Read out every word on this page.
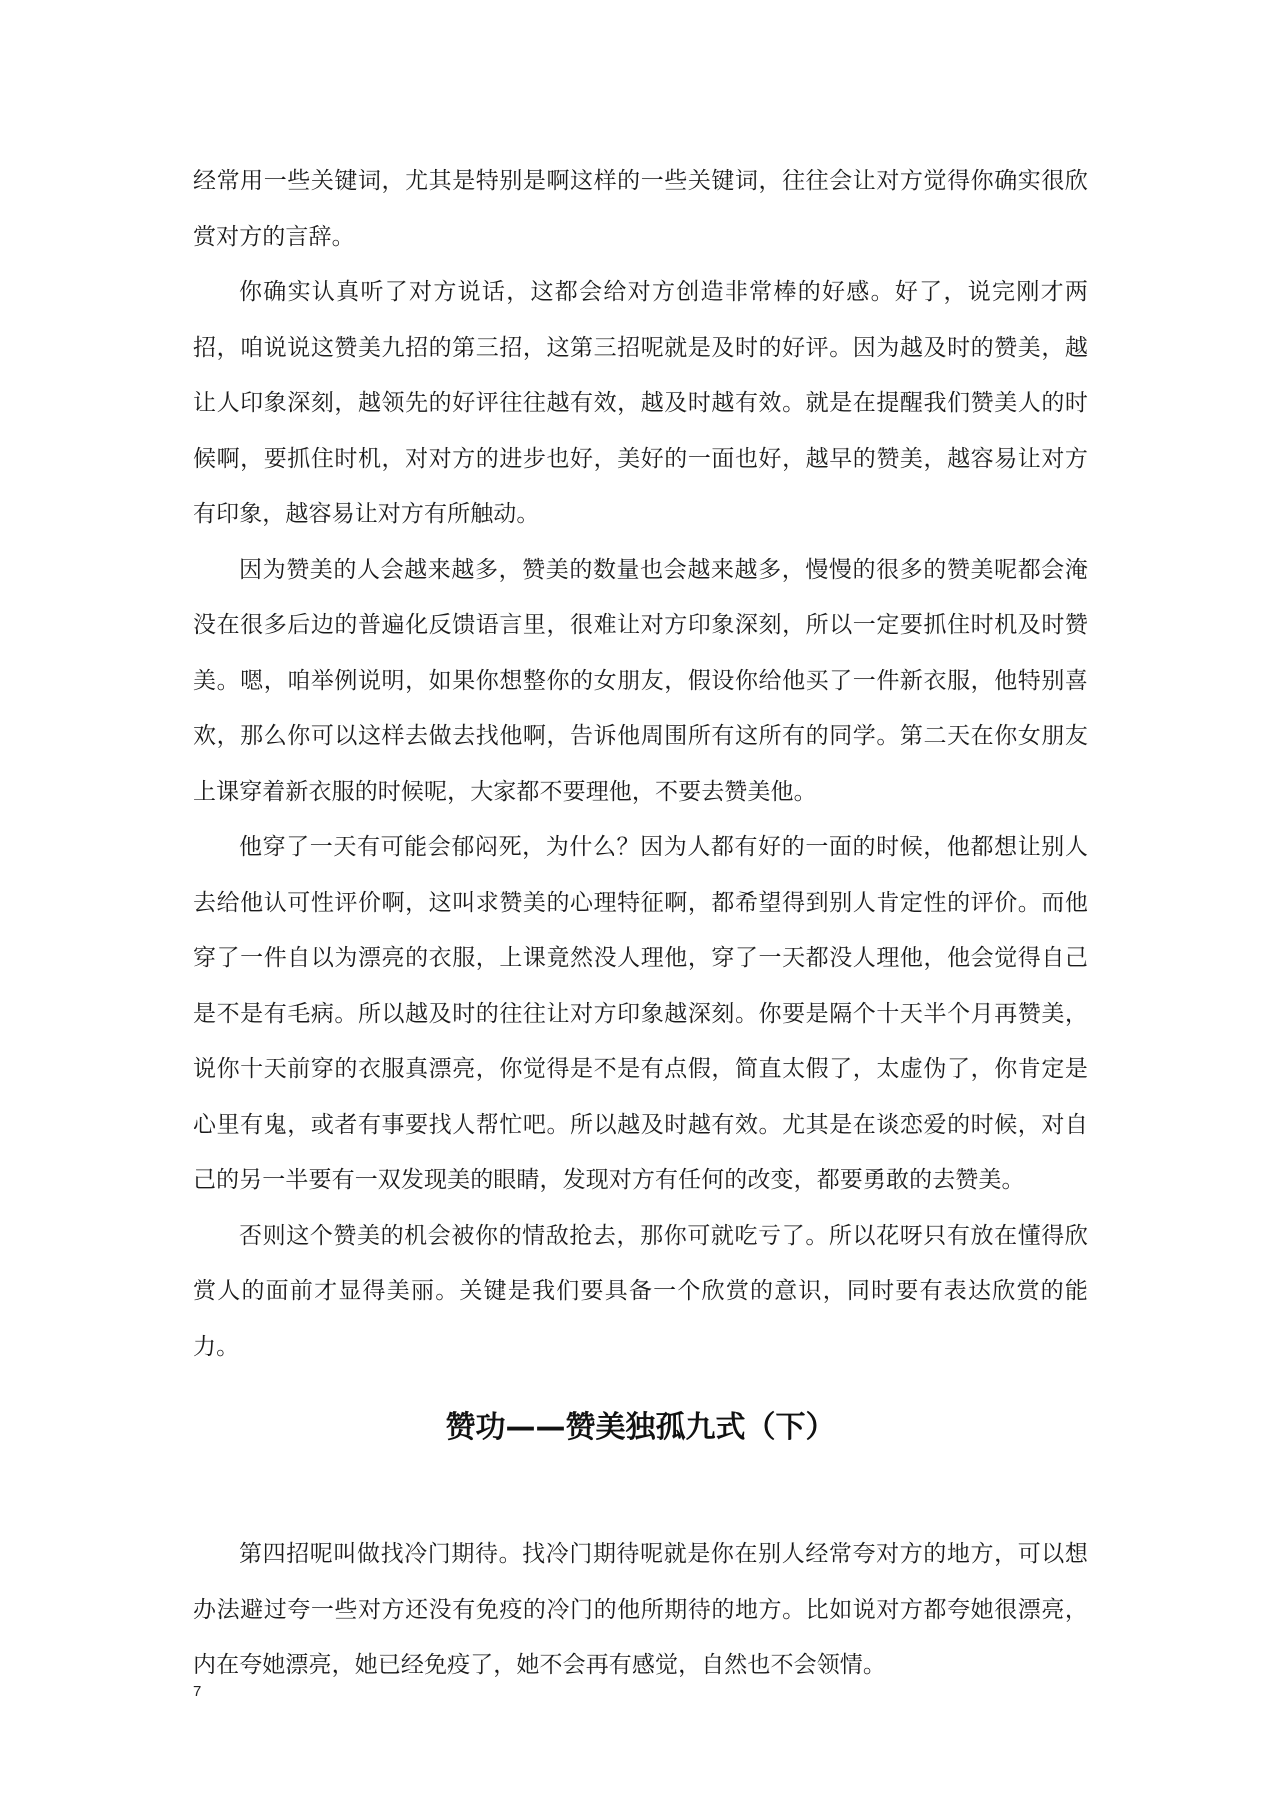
经常用一些关键词，尤其是特别是啊这样的一些关键词，往往会让对方觉得你确实很欣赏对方的言辞。

你确实认真听了对方说话，这都会给对方创造非常棒的好感。好了，说完刚才两招，咱说说这赞美九招的第三招，这第三招呢就是及时的好评。因为越及时的赞美，越让人印象深刻，越领先的好评往往越有效，越及时越有效。就是在提醒我们赞美人的时候啊，要抓住时机，对对方的进步也好，美好的一面也好，越早的赞美，越容易让对方有印象，越容易让对方有所触动。

因为赞美的人会越来越多，赞美的数量也会越来越多，慢慢的很多的赞美呢都会淹没在很多后边的普遍化反馈语言里，很难让对方印象深刻，所以一定要抓住时机及时赞美。嗯，咱举例说明，如果你想整你的女朋友，假设你给他买了一件新衣服，他特别喜欢，那么你可以这样去做去找他啊，告诉他周围所有这所有的同学。第二天在你女朋友上课穿着新衣服的时候呢，大家都不要理他，不要去赞美他。

他穿了一天有可能会郁闷死，为什么？因为人都有好的一面的时候，他都想让别人去给他认可性评价啊，这叫求赞美的心理特征啊，都希望得到别人肯定性的评价。而他穿了一件自以为漂亮的衣服，上课竟然没人理他，穿了一天都没人理他，他会觉得自己是不是有毛病。所以越及时的往往让对方印象越深刻。你要是隔个十天半个月再赞美，说你十天前穿的衣服真漂亮，你觉得是不是有点假，简直太假了，太虚伪了，你肯定是心里有鬼，或者有事要找人帮忙吧。所以越及时越有效。尤其是在谈恋爱的时候，对自己的另一半要有一双发现美的眼睛，发现对方有任何的改变，都要勇敢的去赞美。

否则这个赞美的机会被你的情敌抢去，那你可就吃亏了。所以花呀只有放在懂得欣赏人的面前才显得美丽。关键是我们要具备一个欣赏的意识，同时要有表达欣赏的能力。

赞功——赞美独孤九式（下）

第四招呢叫做找冷门期待。找冷门期待呢就是你在别人经常夸对方的地方，可以想办法避过夸一些对方还没有免疫的冷门的他所期待的地方。比如说对方都夸她很漂亮，内在夸她漂亮，她已经免疫了，她不会再有感觉，自然也不会领情。

7
